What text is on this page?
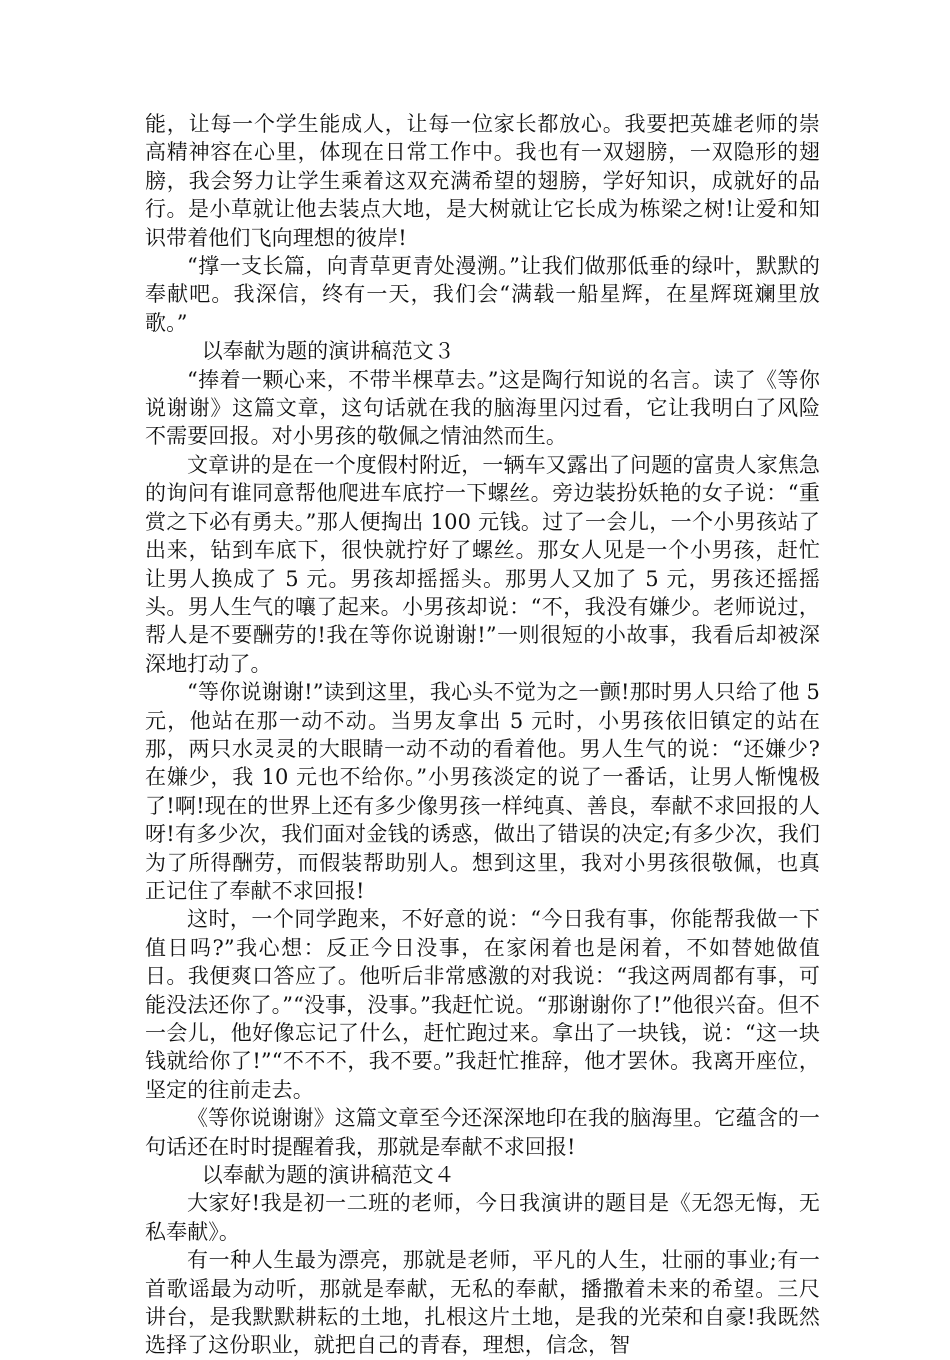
能，让每一个学生能成人，让每一位家长都放心。我要把英雄老师的崇高精神容在心里，体现在日常工作中。我也有一双翅膀，一双隐形的翅膀，我会努力让学生乘着这双充满希望的翅膀，学好知识，成就好的品行。是小草就让他去装点大地，是大树就让它长成为栋梁之树!让爱和知识带着他们飞向理想的彼岸!

“撑一支长篇，向青草更青处漫溯。”让我们做那低垂的绿叶，默默的奉献吧。我深信，终有一天，我们会“满载一船星辉，在星辉斑斓里放歌。”

以奉献为题的演讲稿范文３

“捧着一颗心来，不带半棵草去。”这是陶行知说的名言。读了《等你说谢谢》这篇文章，这句话就在我的脑海里闪过看，它让我明白了风险不需要回报。对小男孩的敬佩之情油然而生。

文章讲的是在一个度假村附近，一辆车又露出了问题的富贵人家焦急的询问有谁同意帮他爬进车底拧一下螺丝。旁边装扮妖艳的女子说：“重赏之下必有勇夫。”那人便掏出 100 元钱。过了一会儿，一个小男孩站了出来，钻到车底下，很快就拧好了螺丝。那女人见是一个小男孩，赶忙让男人换成了 5 元。男孩却摇摇头。那男人又加了 5 元，男孩还摇摇头。男人生气的嚷了起来。小男孩却说：“不，我没有嫌少。老师说过，帮人是不要酬劳的!我在等你说谢谢!”一则很短的小故事，我看后却被深深地打动了。

“等你说谢谢!”读到这里，我心头不觉为之一颤!那时男人只给了他 5 元，他站在那一动不动。当男友拿出 5 元时，小男孩依旧镇定的站在那，两只水灵灵的大眼睛一动不动的看着他。男人生气的说：“还嫌少?在嫌少，我 10 元也不给你。”小男孩淡定的说了一番话，让男人惭愧极了!啊!现在的世界上还有多少像男孩一样纯真、善良，奉献不求回报的人呀!有多少次，我们面对金钱的诱惑，做出了错误的决定;有多少次，我们为了所得酬劳，而假装帮助别人。想到这里，我对小男孩很敬佩，也真正记住了奉献不求回报!

这时，一个同学跑来，不好意的说：“今日我有事，你能帮我做一下值日吗?”我心想：反正今日没事，在家闲着也是闲着，不如替她做值日。我便爽口答应了。他听后非常感激的对我说：“我这两周都有事，可能没法还你了。”“没事，没事。”我赶忙说。“那谢谢你了!”他很兴奋。但不一会儿，他好像忘记了什么，赶忙跑过来。拿出了一块钱，说：“这一块钱就给你了!”“不不不，我不要。”我赶忙推辞，他才罢休。我离开座位，坚定的往前走去。

《等你说谢谢》这篇文章至今还深深地印在我的脑海里。它蕴含的一句话还在时时提醒着我，那就是奉献不求回报!

以奉献为题的演讲稿范文４

大家好!我是初一二班的老师，今日我演讲的题目是《无怨无悔，无私奉献》。

有一种人生最为漂亮，那就是老师，平凡的人生，壮丽的事业;有一首歌谣最为动听，那就是奉献，无私的奉献，播撒着未来的希望。三尺讲台，是我默默耕耘的土地，扎根这片土地，是我的光荣和自豪!我既然选择了这份职业，就把自己的青春，理想，信念，智
